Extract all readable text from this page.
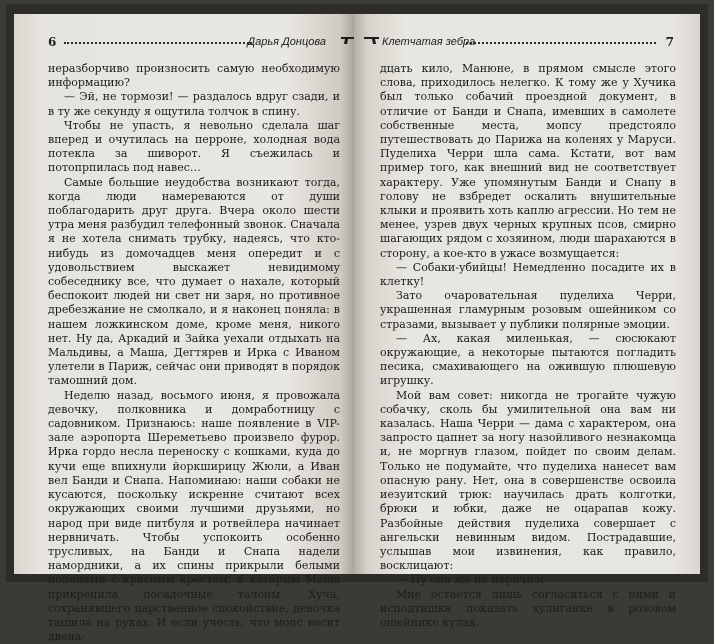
6	Дарья Донцова

неразборчиво произносить самую необходимую информацию?

— Эй, не тормози! — раздалось вдруг сзади, и в ту же секунду я ощутила толчок в спину.

Чтобы не упасть, я невольно сделала шаг вперед и очутилась на перроне, холодная вода потекла за шиворот. Я съежилась и потопрпилась под навес…

Самые большие неудобства возникают тогда, когда люди намереваются от души поблагодарить друг друга. Вчера около шести утра меня разбудил телефонный звонок. Сначала я не хотела снимать трубку, надеясь, что кто-нибудь из домочадцев меня опередит и с удовольствием выскажет невидимому собеседнику все, что думает о нахале, который беспокоит людей ни свет ни заря, но противное дребезжание не смолкало, и я наконец поняла: в нашем ложкинском доме, кроме меня, никого нет. Ну да, Аркадий и Зайка уехали отдыхать на Мальдивы, а Маша, Дегтярев и Ирка с Иваном улетели в Париж, сейчас они приводят в порядок тамошний дом.

Неделю назад, восьмого июня, я провожала девочку, полковника и домработницу с садовником. Признаюсь: наше появление в VIP-зале аэропорта Шереметьево произвело фурор. Ирка гордо несла переноску с кошками, куда до кучи еще впихнули йоркширицу Жюли, а Иван вел Банди и Снапа. Напоминаю: наши собаки не кусаются, поскольку искренне считают всех окружающих своими лучшими друзьями, но народ при виде питбуля и ротвейлера начинает нервничать. Чтобы успокоить особенно трусливых, на Банди и Снапа надели намордники, а их спины прикрыли белыми попонами с красным крестом, к которым Маша прикрепила посадочные талоны. Хуча, сохранявшего царственное спокойствие, девочка тащила на руках. И если учесть, что мопс весит двена-

Клетчатая зебра	7

дцать кило, Манюне, в прямом смысле этого слова, приходилось нелегко. К тому же у Хучика был только собачий проездной документ, в отличие от Банди и Снапа, имевших в самолете собственные места, мопсу предстояло путешествовать до Парижа на коленях у Маруси. Пуделиха Черри шла сама. Кстати, вот вам пример того, как внешний вид не соответствует характеру. Уже упомянутым Банди и Снапу в голову не взбредет оскалить внушительные клыки и проявить хоть каплю агрессии. Но тем не менее, узрев двух черных крупных псов, смирно шагающих рядом с хозяином, люди шарахаются в сторону, а кое-кто в ужасе возмущается:

— Собаки-убийцы! Немедленно посадите их в клетку!

Зато очаровательная пуделиха Черри, украшенная гламурным розовым ошейником со стразами, вызывает у публики полярные эмоции.

— Ах, какая миленькая, — сюсюкают окружающие, а некоторые пытаются погладить песика, смахивающего на ожившую плюшевую игрушку.

Мой вам совет: никогда не трогайте чужую собачку, сколь бы умилительной она вам ни казалась. Наша Черри — дама с характером, она запросто цапнет за ногу назойливого незнакомца и, не моргнув глазом, пойдет по своим делам. Только не подумайте, что пуделиха нанесет вам опасную рану. Нет, она в совершенстве освоила иезуитский трюк: научилась драть колготки, брюки и юбки, даже не оцарапав кожу. Разбойные действия пуделиха совершает с ангельски невинным видом. Пострадавшие, услышав мои извинения, как правило, восклицают:

— Ну она же не нарочно!

Мне остается лишь согласиться с ними и исподтишка показать хулиганке в розовом ошейнике кулак.
